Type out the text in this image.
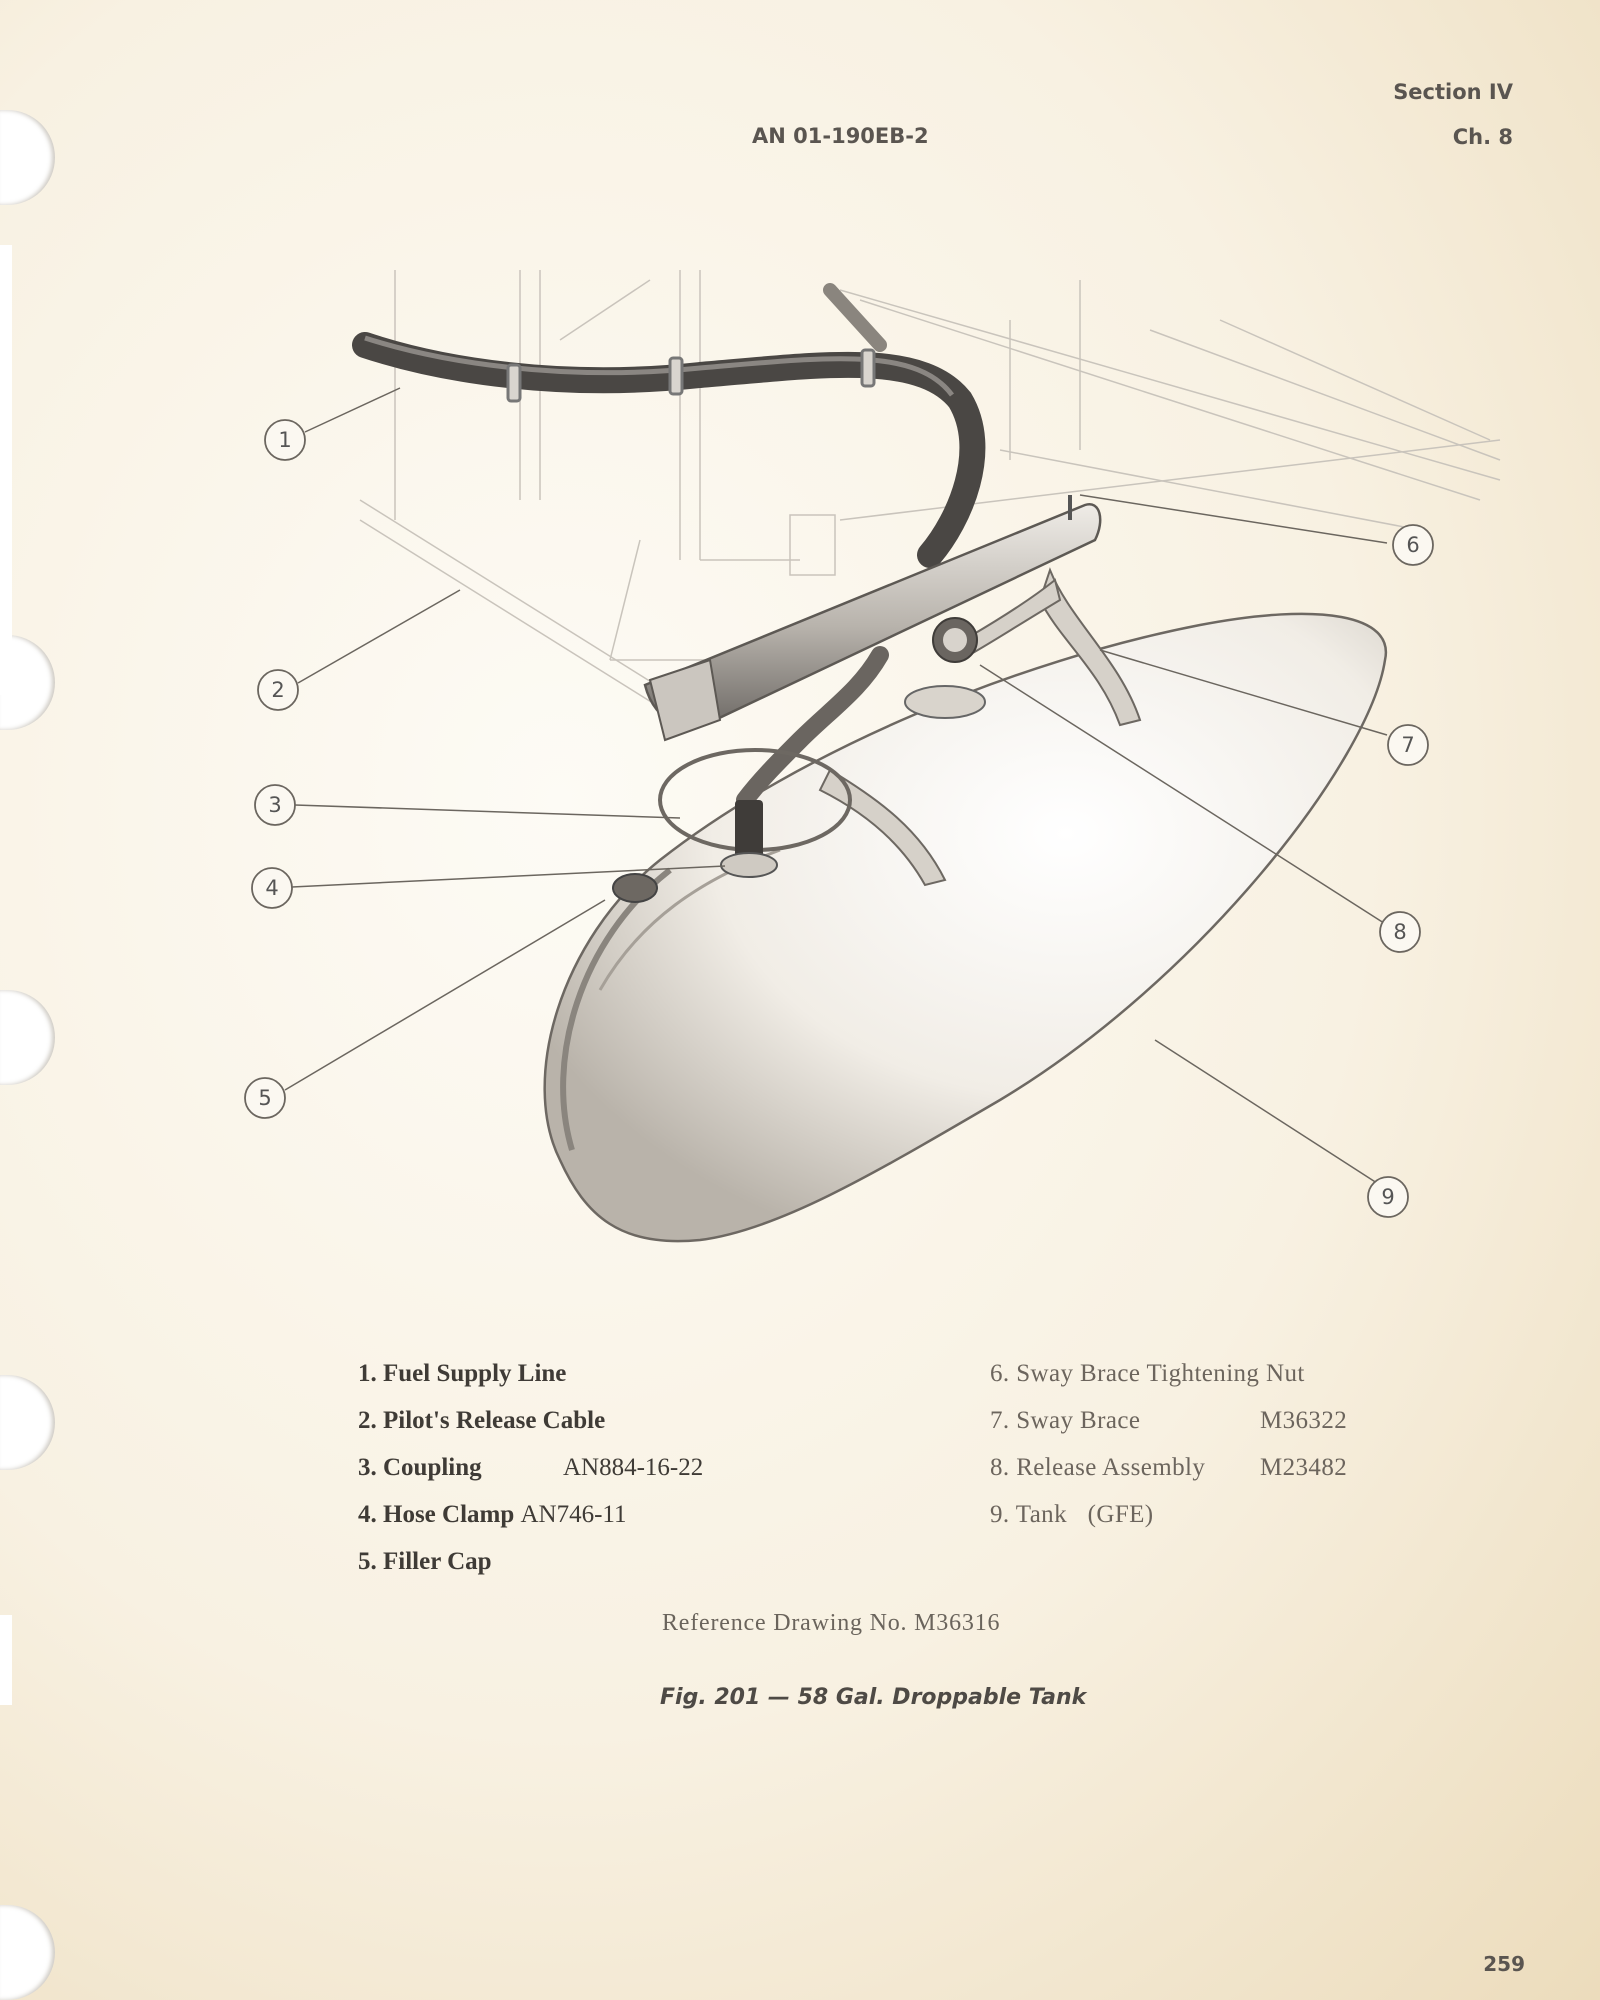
AN 01-190EB-2
Section IV
Ch. 8
1
2
3
4
5
6
7
8
9
1. Fuel Supply Line
2. Pilot's Release Cable
3. Coupling	AN884-16-22
4. Hose Clamp AN746-11
5. Filler Cap
6. Sway Brace Tightening Nut
7. Sway Brace	M36322
8. Release Assembly M23482
9. Tank (GFE)
Reference Drawing No. M36316
Fig. 201 — 58 Gal. Droppable Tank
259
